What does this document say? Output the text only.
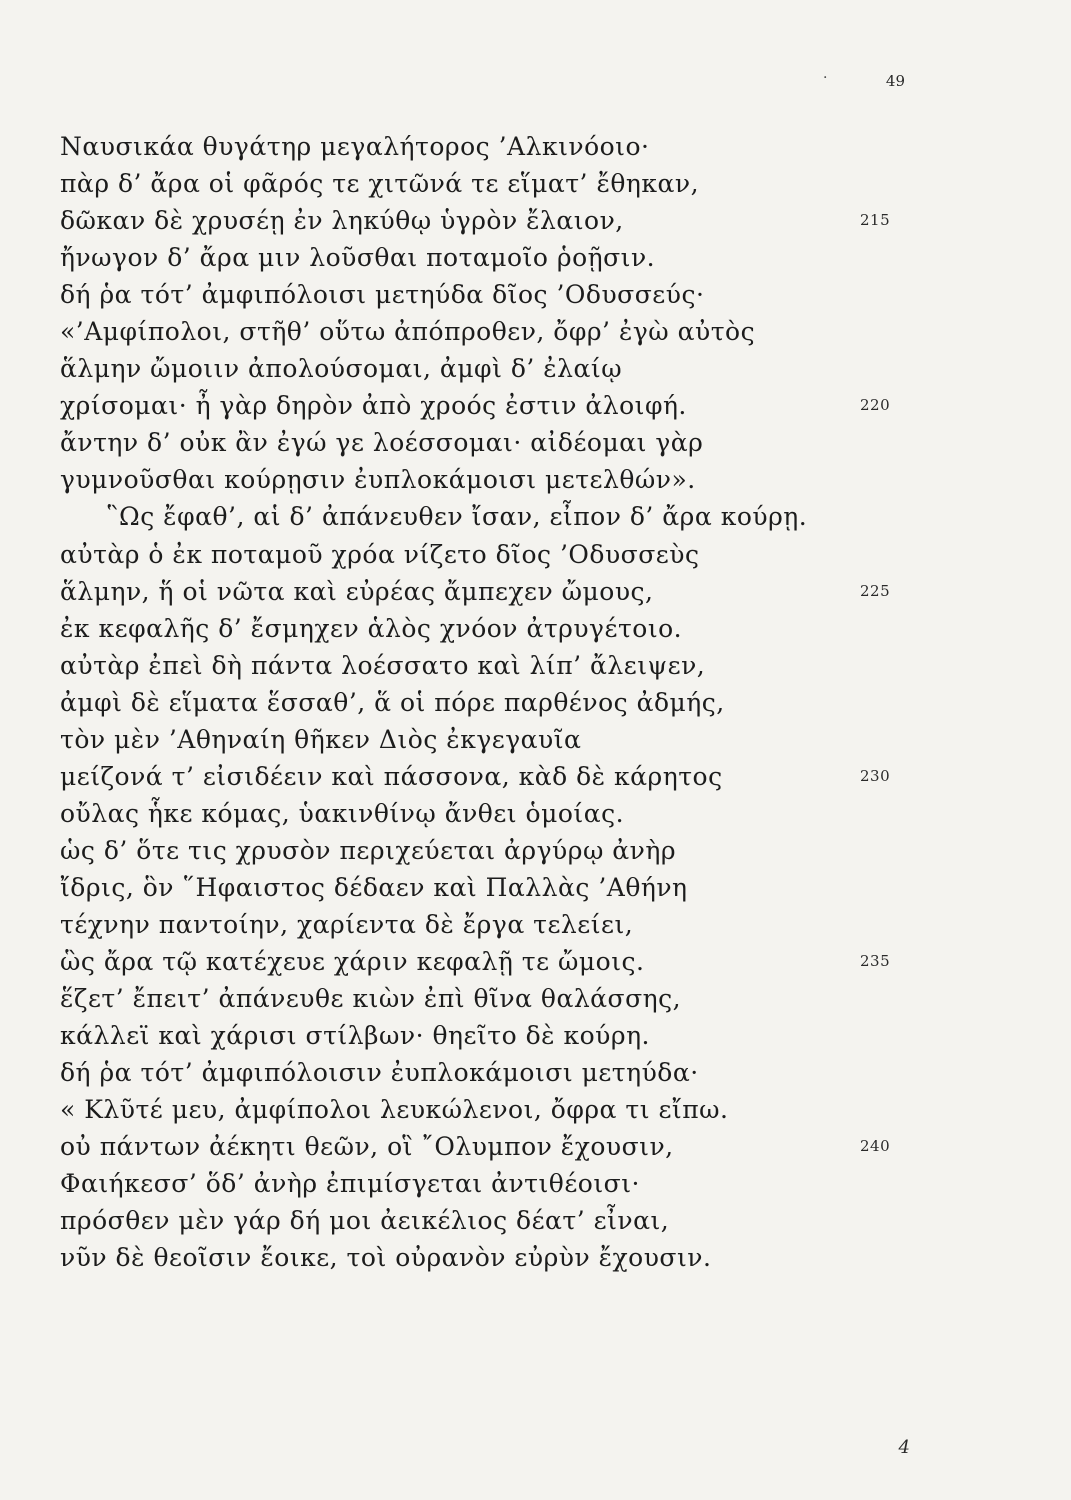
·	49
Ναυσικάα θυγάτηρ μεγαλήτορος ’Αλκινόοιο·
πὰρ δ’ ἄρα οἱ φᾶρός τε χιτῶνά τε εἵματ’ ἔθηκαν,
δῶκαν δὲ χρυσέῃ ἐν ληκύθῳ ὑγρὸν ἔλαιον,	215
ἤνωγον δ’ ἄρα μιν λοῦσθαι ποταμοῖο ῥοῇσιν.
δή ῥα τότ’ ἀμφιπόλοισι μετηύδα δῖος ’Οδυσσεύς·
«’Αμφίπολοι, στῆθ’ οὕτω ἀπόπροθεν, ὄφρ’ ἐγὼ αὐτὸς
ἅλμην ὤμοιιν ἀπολούσομαι, ἀμφὶ δ’ ἐλαίῳ
χρίσομαι· ἦ γὰρ δηρὸν ἀπὸ χροός ἐστιν ἀλοιφή.	220
ἄντην δ’ οὐκ ἂν ἐγώ γε λοέσσομαι· αἰδέομαι γὰρ
γυμνοῦσθαι κούρῃσιν ἐυπλοκάμοισι μετελθών».
῝Ως ἔφαθ’, αἱ δ’ ἀπάνευθεν ἴσαν, εἶπον δ’ ἄρα κούρῃ.
αὐτὰρ ὁ ἐκ ποταμοῦ χρόα νίζετο δῖος ’Οδυσσεὺς
ἅλμην, ἥ οἱ νῶτα καὶ εὐρέας ἄμπεχεν ὤμους,	225
ἐκ κεφαλῆς δ’ ἔσμηχεν ἁλὸς χνόον ἀτρυγέτοιο.
αὐτὰρ ἐπεὶ δὴ πάντα λοέσσατο καὶ λίπ’ ἄλειψεν,
ἀμφὶ δὲ εἵματα ἕσσαθ’, ἅ οἱ πόρε παρθένος ἀδμής,
τὸν μὲν ’Αθηναίη θῆκεν Διὸς ἐκγεγαυῖα
μείζονά τ’ εἰσιδέειν καὶ πάσσονα, κὰδ δὲ κάρητος	230
οὔλας ἧκε κόμας, ὑακινθίνῳ ἄνθει ὁμοίας.
ὡς δ’ ὅτε τις χρυσὸν περιχεύεται ἀργύρῳ ἀνὴρ
ἴδρις, ὃν ῞Ηφαιστος δέδαεν καὶ Παλλὰς ’Αθήνη
τέχνην παντοίην, χαρίεντα δὲ ἔργα τελείει,
ὣς ἄρα τῷ κατέχευε χάριν κεφαλῇ τε ὤμοις.	235
ἕζετ’ ἔπειτ’ ἀπάνευθε κιὼν ἐπὶ θῖνα θαλάσσης,
κάλλεϊ καὶ χάρισι στίλβων· θηεῖτο δὲ κούρη.
δή ῥα τότ’ ἀμφιπόλοισιν ἐυπλοκάμοισι μετηύδα·
« Κλῦτέ μευ, ἀμφίπολοι λευκώλενοι, ὄφρα τι εἴπω.
οὐ πάντων ἀέκητι θεῶν, οἳ ῎Ολυμπον ἔχουσιν,	240
Φαιήκεσσ’ ὅδ’ ἀνὴρ ἐπιμίσγεται ἀντιθέοισι·
πρόσθεν μὲν γάρ δή μοι ἀεικέλιος δέατ’ εἶναι,
νῦν δὲ θεοῖσιν ἔοικε, τοὶ οὐρανὸν εὐρὺν ἔχουσιν.
4
